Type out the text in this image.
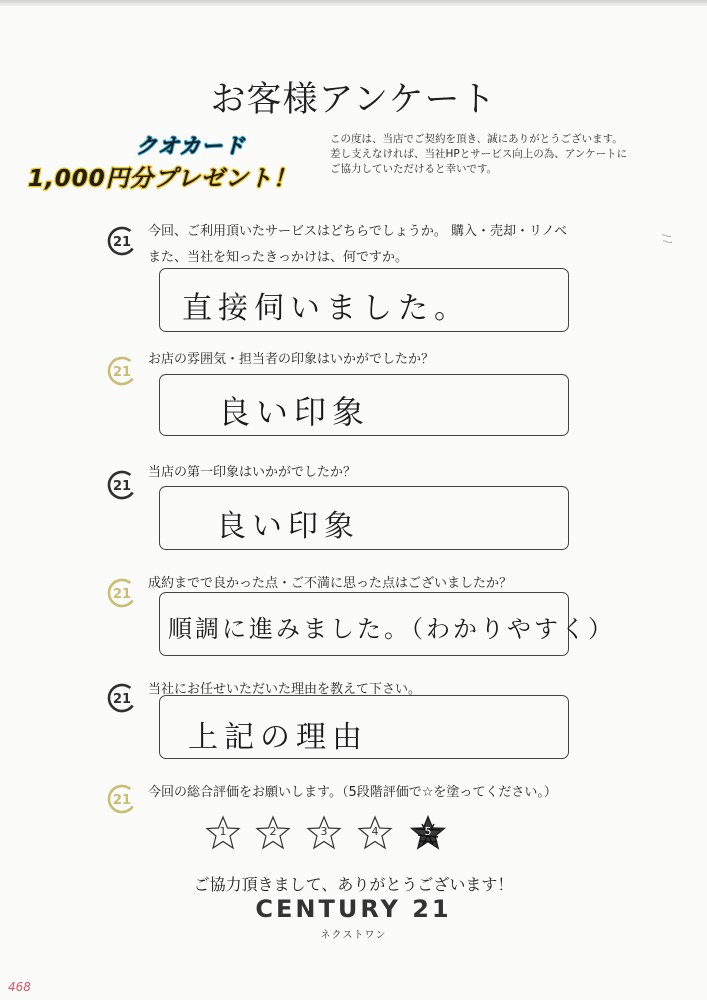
お客様アンケート
クオカード
1,000円分プレゼント！
この度は、当店でご契約を頂き、誠にありがとうございます。
差し支えなければ、当社HPとサービス向上の為、アンケートに
ご協力していただけると幸いです。
21
今回、ご利用頂いたサービスはどちらでしょうか。 購入・売却・リノベ
また、当社を知ったきっかけは、何ですか。
直接伺いました。
21
お店の雰囲気・担当者の印象はいかがでしたか？
良い印象
21
当店の第一印象はいかがでしたか？
良い印象
21
成約までで良かった点・ご不満に思った点はございましたか？
順調に進みました。（わかりやすく）
21
当社にお任せいただいた理由を教えて下さい。
上記の理由
21
今回の総合評価をお願いします。（5段階評価で☆を塗ってください。）
1	2	3	4	5
ご協力頂きまして、ありがとうございます！
CENTURY 21
ネクストワン
468
